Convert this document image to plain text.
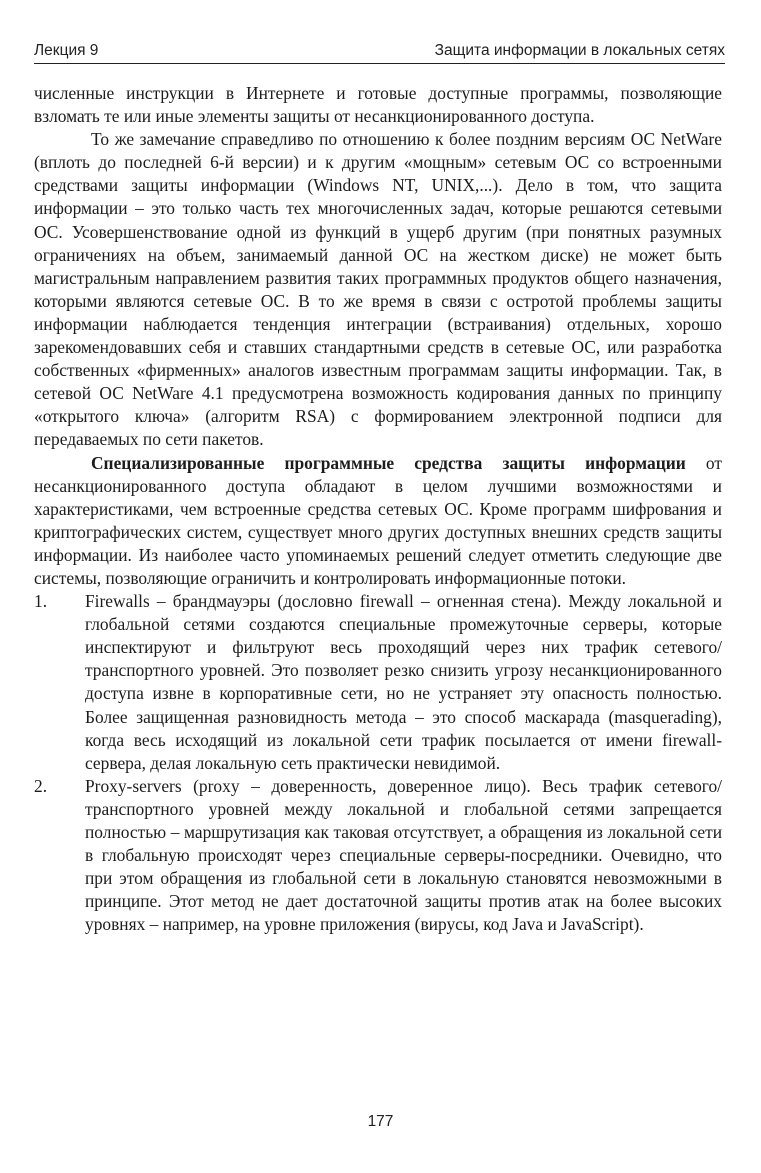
Лекция 9	Защита информации в локальных сетях

численные инструкции в Интернете и готовые доступные программы, позволяющие взломать те или иные элементы защиты от несанкционированного доступа.

То же замечание справедливо по отношению к более поздним версиям ОС NetWare (вплоть до последней 6-й версии) и к другим «мощным» сетевым ОС со встроенными средствами защиты информации (Windows NT, UNIX,...). Дело в том, что защита информации – это только часть тех многочисленных задач, которые решаются сетевыми ОС. Усовершенствование одной из функций в ущерб другим (при понятных разумных ограничениях на объем, занимаемый данной ОС на жестком диске) не может быть магистральным направлением развития таких программных продуктов общего назначения, которыми являются сетевые ОС. В то же время в связи с остротой проблемы защиты информации наблюдается тенденция интеграции (встраивания) отдельных, хорошо зарекомендовавших себя и ставших стандартными средств в сетевые ОС, или разработка собственных «фирменных» аналогов известным программам защиты информации. Так, в сетевой ОС NetWare 4.1 предусмотрена возможность кодирования данных по принципу «открытого ключа» (алгоритм RSA) с формированием электронной подписи для передаваемых по сети пакетов.

Специализированные программные средства защиты информации от несанкционированного доступа обладают в целом лучшими возможностями и характеристиками, чем встроенные средства сетевых ОС. Кроме программ шифрования и криптографических систем, существует много других доступных внешних средств защиты информации. Из наиболее часто упоминаемых решений следует отметить следующие две системы, позволяющие ограничить и контролировать информационные потоки.

1.	Firewalls – брандмауэры (дословно firewall – огненная стена). Между локальной и глобальной сетями создаются специальные промежуточные серверы, которые инспектируют и фильтруют весь проходящий через них трафик сетевого/транспортного уровней. Это позволяет резко снизить угрозу несанкционированного доступа извне в корпоративные сети, но не устраняет эту опасность полностью. Более защищенная разновидность метода – это способ маскарада (masquerading), когда весь исходящий из локальной сети трафик посылается от имени firewall-сервера, делая локальную сеть практически невидимой.
2.	Proxy-servers (proxy – доверенность, доверенное лицо). Весь трафик сетевого/транспортного уровней между локальной и глобальной сетями запрещается полностью – маршрутизация как таковая отсутствует, а обращения из локальной сети в глобальную происходят через специальные серверы-посредники. Очевидно, что при этом обращения из глобальной сети в локальную становятся невозможными в принципе. Этот метод не дает достаточной защиты против атак на более высоких уровнях – например, на уровне приложения (вирусы, код Java и JavaScript).
177
